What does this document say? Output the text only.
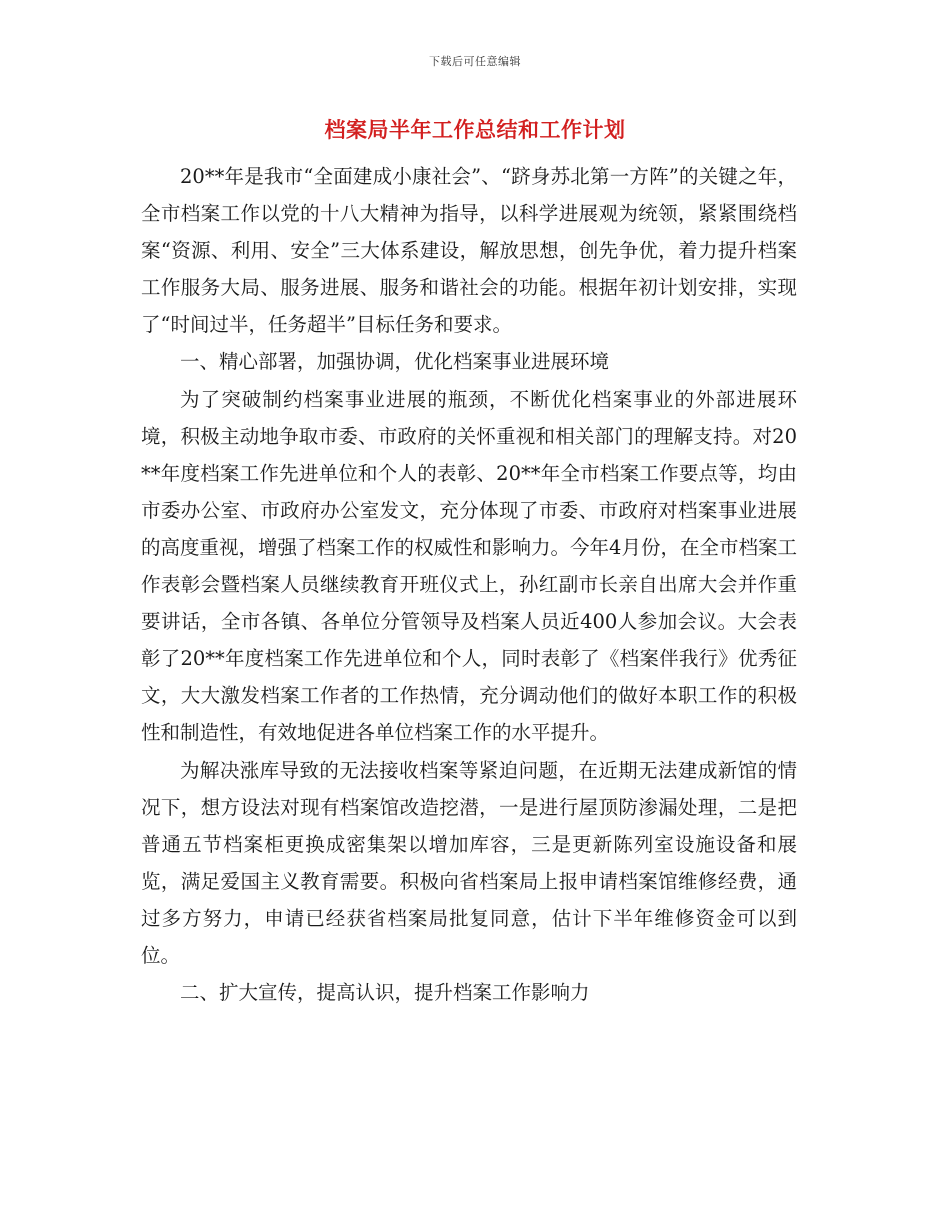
下载后可任意编辑
档案局半年工作总结和工作计划

20**年是我市“全面建成小康社会”、“跻身苏北第一方阵”的关键之年，全市档案工作以党的十八大精神为指导，以科学进展观为统领，紧紧围绕档案“资源、利用、安全”三大体系建设，解放思想，创先争优，着力提升档案工作服务大局、服务进展、服务和谐社会的功能。根据年初计划安排，实现了“时间过半，任务超半”目标任务和要求。

一、精心部署，加强协调，优化档案事业进展环境

为了突破制约档案事业进展的瓶颈，不断优化档案事业的外部进展环境，积极主动地争取市委、市政府的关怀重视和相关部门的理解支持。对20**年度档案工作先进单位和个人的表彰、20**年全市档案工作要点等，均由市委办公室、市政府办公室发文，充分体现了市委、市政府对档案事业进展的高度重视，增强了档案工作的权威性和影响力。今年4月份，在全市档案工作表彰会暨档案人员继续教育开班仪式上，孙红副市长亲自出席大会并作重要讲话，全市各镇、各单位分管领导及档案人员近400人参加会议。大会表彰了20**年度档案工作先进单位和个人，同时表彰了《档案伴我行》优秀征文，大大激发档案工作者的工作热情，充分调动他们的做好本职工作的积极性和制造性，有效地促进各单位档案工作的水平提升。

为解决涨库导致的无法接收档案等紧迫问题，在近期无法建成新馆的情况下，想方设法对现有档案馆改造挖潜，一是进行屋顶防渗漏处理，二是把普通五节档案柜更换成密集架以增加库容，三是更新陈列室设施设备和展览，满足爱国主义教育需要。积极向省档案局上报申请档案馆维修经费，通过多方努力，申请已经获省档案局批复同意，估计下半年维修资金可以到位。

二、扩大宣传，提高认识，提升档案工作影响力
